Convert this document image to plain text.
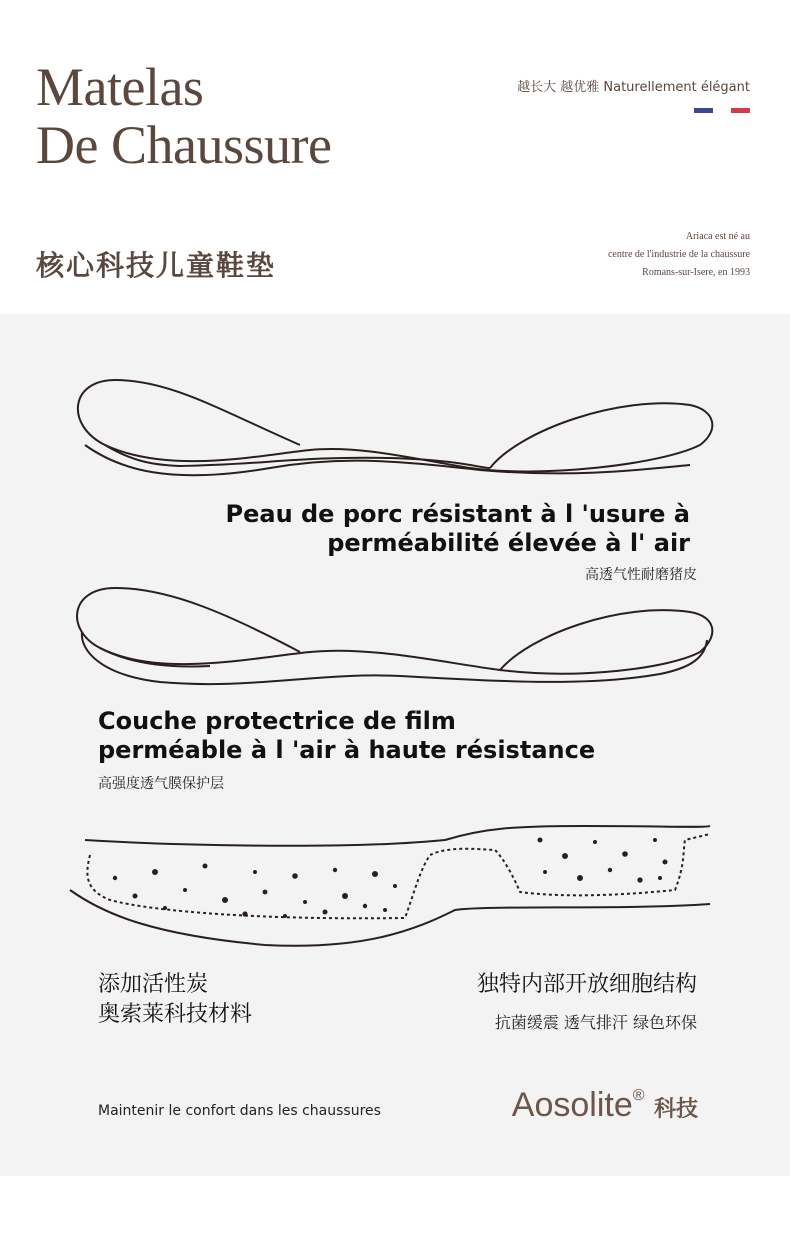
Matelas
De Chaussure
越长大 越优雅 Naturellement élégant
核心科技儿童鞋垫
Ariaca est né au
centre de l'industrie de la chaussure
Romans-sur-Isere, en 1993
Peau de porc résistant à l 'usure à
perméabilité élevée à l' air
高透气性耐磨猪皮
Couche protectrice de film
perméable à l 'air à haute résistance
高强度透气膜保护层
添加活性炭
奥索莱科技材料
独特内部开放细胞结构
抗菌缓震 透气排汗 绿色环保
Maintenir le confort dans les chaussures	Aosolite® 科技
